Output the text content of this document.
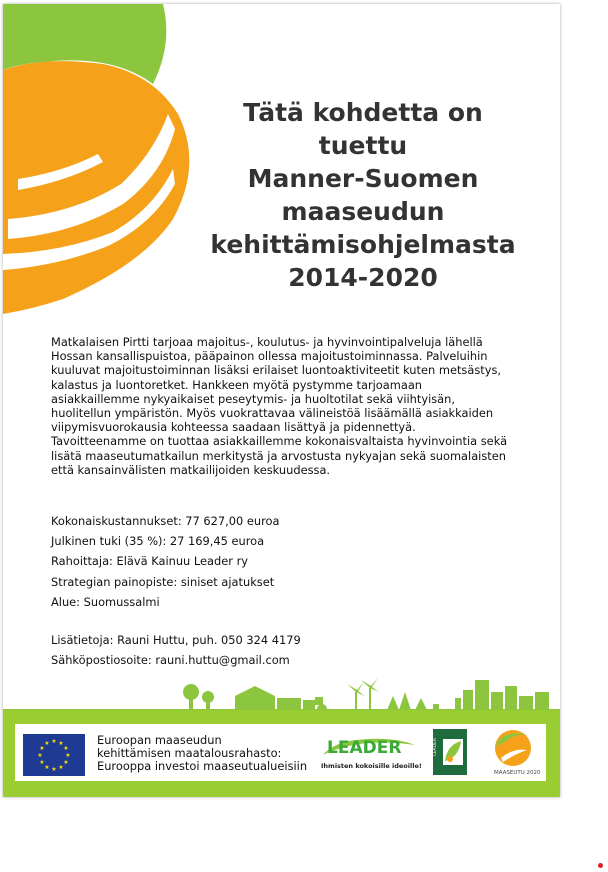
Tätä kohdetta on
tuettu
Manner-Suomen
maaseudun
kehittämisohjelmasta
2014-2020

Matkalaisen Pirtti tarjoaa majoitus-, koulutus- ja hyvinvointipalveluja lähellä Hossan kansallispuistoa, pääpainon ollessa majoitustoiminnassa. Palveluihin kuuluvat majoitustoiminnan lisäksi erilaiset luontoaktiviteetit kuten metsästys, kalastus ja luontoretket. Hankkeen myötä pystymme tarjoamaan asiakkaillemme nykyaikaiset peseytymis- ja huoltotilat sekä viihtyisän, huolitellun ympäristön. Myös vuokrattavaa välineistöä lisäämällä asiakkaiden viipymisvuorokausia kohteessa saadaan lisättyä ja pidennettyä. Tavoitteenamme on tuottaa asiakkaillemme kokonaisvaltaista hyvinvointia sekä lisätä maaseutumatkailun merkitystä ja arvostusta nykyajan sekä suomalaisten että kansainvälisten matkailijoiden keskuudessa.

Kokonaiskustannukset: 77 627,00 euroa
Julkinen tuki (35 %): 27 169,45 euroa
Rahoittaja: Elävä Kainuu Leader ry
Strategian painopiste: siniset ajatukset
Alue: Suomussalmi
Lisätietoja: Rauni Huttu, puh. 050 324 4179
Sähköpostiosoite: rauni.huttu@gmail.com
★ ★
★
★
★
★
★
★
★
★
★
★	Euroopan maaseudun
kehittämisen maatalousrahasto:
Eurooppa investoi maaseutualueisiin
LEADER
Ihmisten kokoisille ideoille!
LEADER
MAASEUTU 2020
